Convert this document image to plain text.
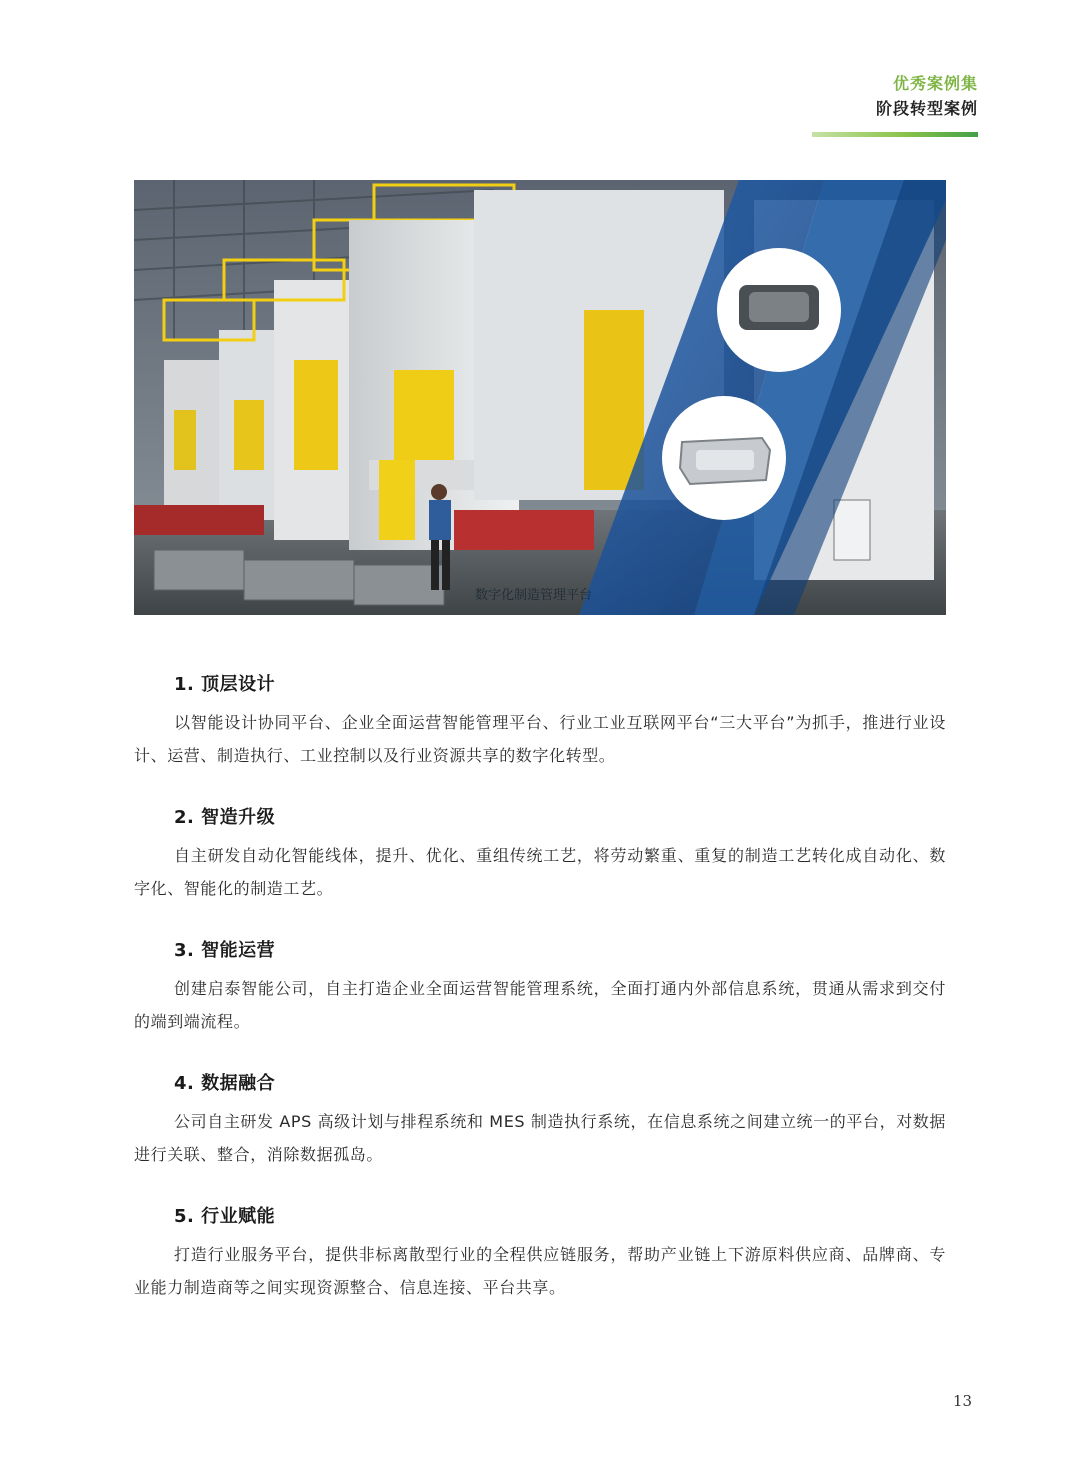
优秀案例集
阶段转型案例
数字化制造管理平台
1. 顶层设计

以智能设计协同平台、企业全面运营智能管理平台、行业工业互联网平台“三大平台”为抓手，推进行业设计、运营、制造执行、工业控制以及行业资源共享的数字化转型。

2. 智造升级

自主研发自动化智能线体，提升、优化、重组传统工艺，将劳动繁重、重复的制造工艺转化成自动化、数字化、智能化的制造工艺。

3. 智能运营

创建启泰智能公司，自主打造企业全面运营智能管理系统，全面打通内外部信息系统，贯通从需求到交付的端到端流程。

4. 数据融合

公司自主研发 APS 高级计划与排程系统和 MES 制造执行系统，在信息系统之间建立统一的平台，对数据进行关联、整合，消除数据孤岛。

5. 行业赋能

打造行业服务平台，提供非标离散型行业的全程供应链服务，帮助产业链上下游原料供应商、品牌商、专业能力制造商等之间实现资源整合、信息连接、平台共享。

13
